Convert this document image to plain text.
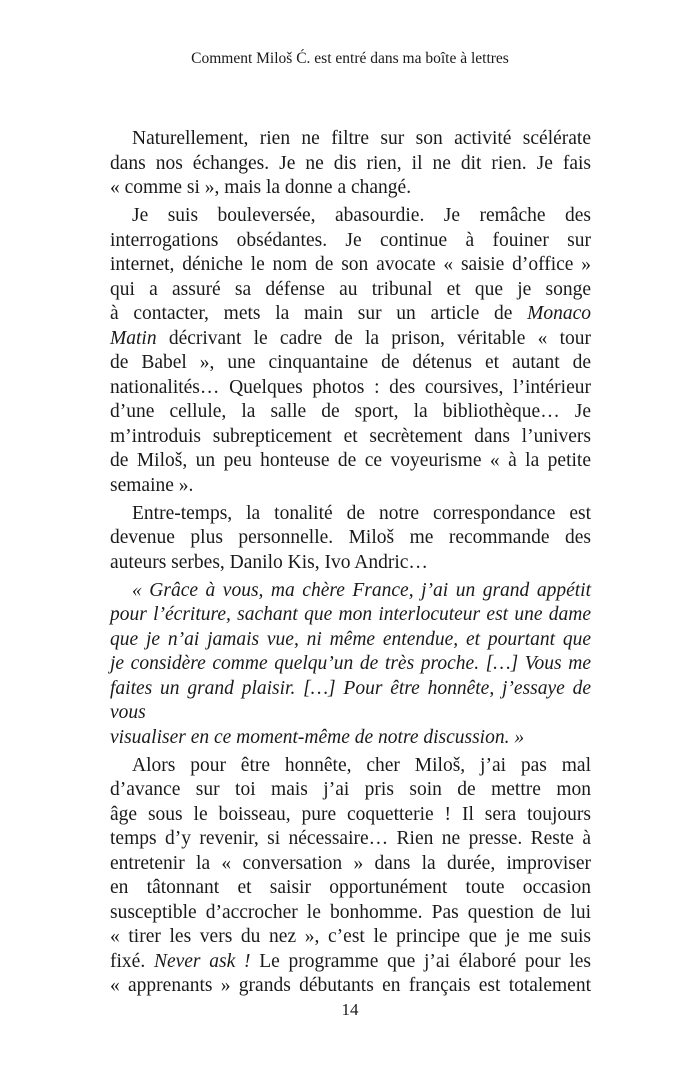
Comment Miloš Ć. est entré dans ma boîte à lettres
Naturellement, rien ne filtre sur son activité scélérate
dans nos échanges. Je ne dis rien, il ne dit rien. Je fais
« comme si », mais la donne a changé.
Je suis bouleversée, abasourdie. Je remâche des
interrogations obsédantes. Je continue à fouiner sur
internet, déniche le nom de son avocate « saisie d’office »
qui a assuré sa défense au tribunal et que je songe
à contacter, mets la main sur un article de Monaco
Matin décrivant le cadre de la prison, véritable « tour
de Babel », une cinquantaine de détenus et autant de
nationalités… Quelques photos : des coursives, l’intérieur
d’une cellule, la salle de sport, la bibliothèque… Je
m’introduis subrepticement et secrètement dans l’univers
de Miloš, un peu honteuse de ce voyeurisme « à la petite
semaine ».
Entre-temps, la tonalité de notre correspondance est
devenue plus personnelle. Miloš me recommande des
auteurs serbes, Danilo Kis, Ivo Andric…
« Grâce à vous, ma chère France, j’ai un grand appétit
pour l’écriture, sachant que mon interlocuteur est une dame
que je n’ai jamais vue, ni même entendue, et pourtant que
je considère comme quelqu’un de très proche. […] Vous me
faites un grand plaisir. […] Pour être honnête, j’essaye de vous
visualiser en ce moment-même de notre discussion. »
Alors pour être honnête, cher Miloš, j’ai pas mal
d’avance sur toi mais j’ai pris soin de mettre mon
âge sous le boisseau, pure coquetterie ! Il sera toujours
temps d’y revenir, si nécessaire… Rien ne presse. Reste à
entretenir la « conversation » dans la durée, improviser
en tâtonnant et saisir opportunément toute occasion
susceptible d’accrocher le bonhomme. Pas question de lui
« tirer les vers du nez », c’est le principe que je me suis
fixé. Never ask ! Le programme que j’ai élaboré pour les
« apprenants » grands débutants en français est totalement
14
